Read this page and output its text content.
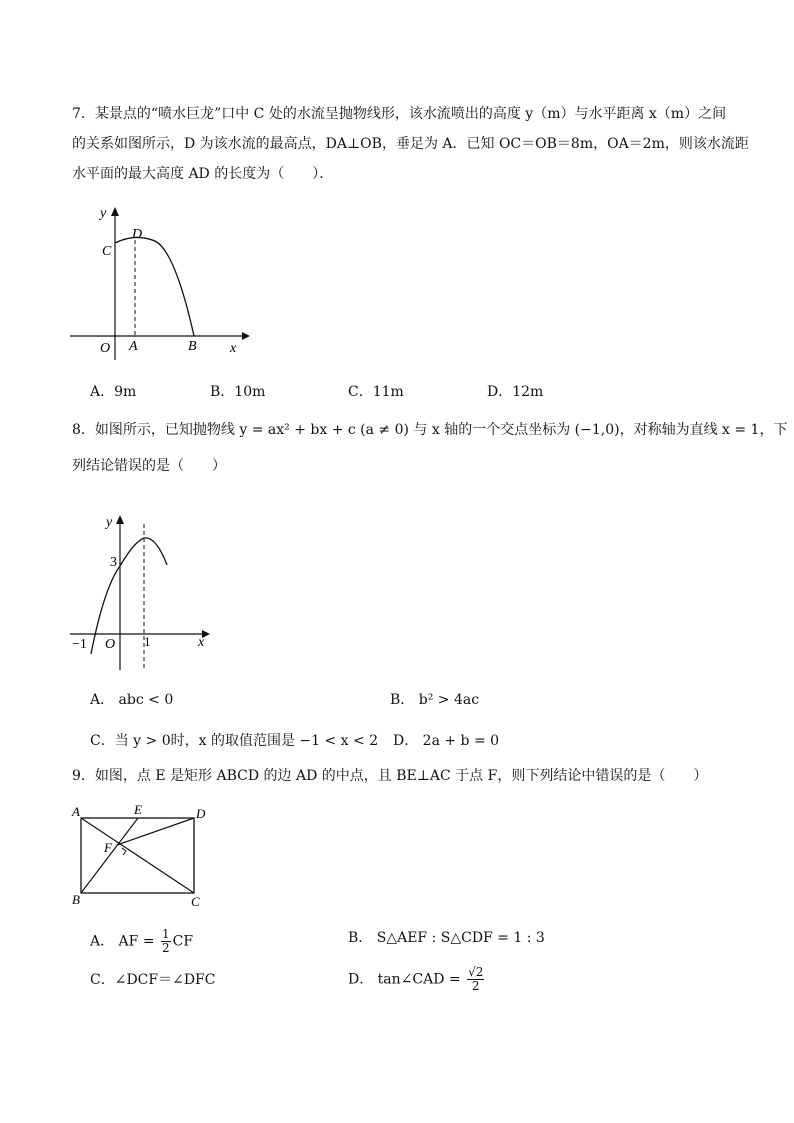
7．某景点的“喷水巨龙”口中 C 处的水流呈抛物线形，该水流喷出的高度 y（m）与水平距离 x（m）之间
的关系如图所示，D 为该水流的最高点，DA⊥OB，垂足为 A．已知 OC＝OB＝8m，OA＝2m，则该水流距
水平面的最大高度 AD 的长度为（　　）．
y
x
O A	B
C
D
A．9m	B．10m	C．11m	D．12m
8．如图所示，已知抛物线 y = ax² + bx + c (a ≠ 0) 与 x 轴的一个交点坐标为 (−1,0)，对称轴为直线 x = 1，下
列结论错误的是（　　）
y
x
O
−1	1
3
A． abc < 0	B． b² > 4ac
C．当 y > 0时，x 的取值范围是 −1 < x < 2 D． 2a + b = 0
9．如图，点 E 是矩形 ABCD 的边 AD 的中点，且 BE⊥AC 于点 F，则下列结论中错误的是（　　）
A	E	D
F
B	C
A． AF = $\frac{1}{2}$ CF	B． S△AEF : S△CDF = 1 : 3
C．∠DCF＝∠DFC	D． tan∠CAD = $\frac{√2}{2}$
